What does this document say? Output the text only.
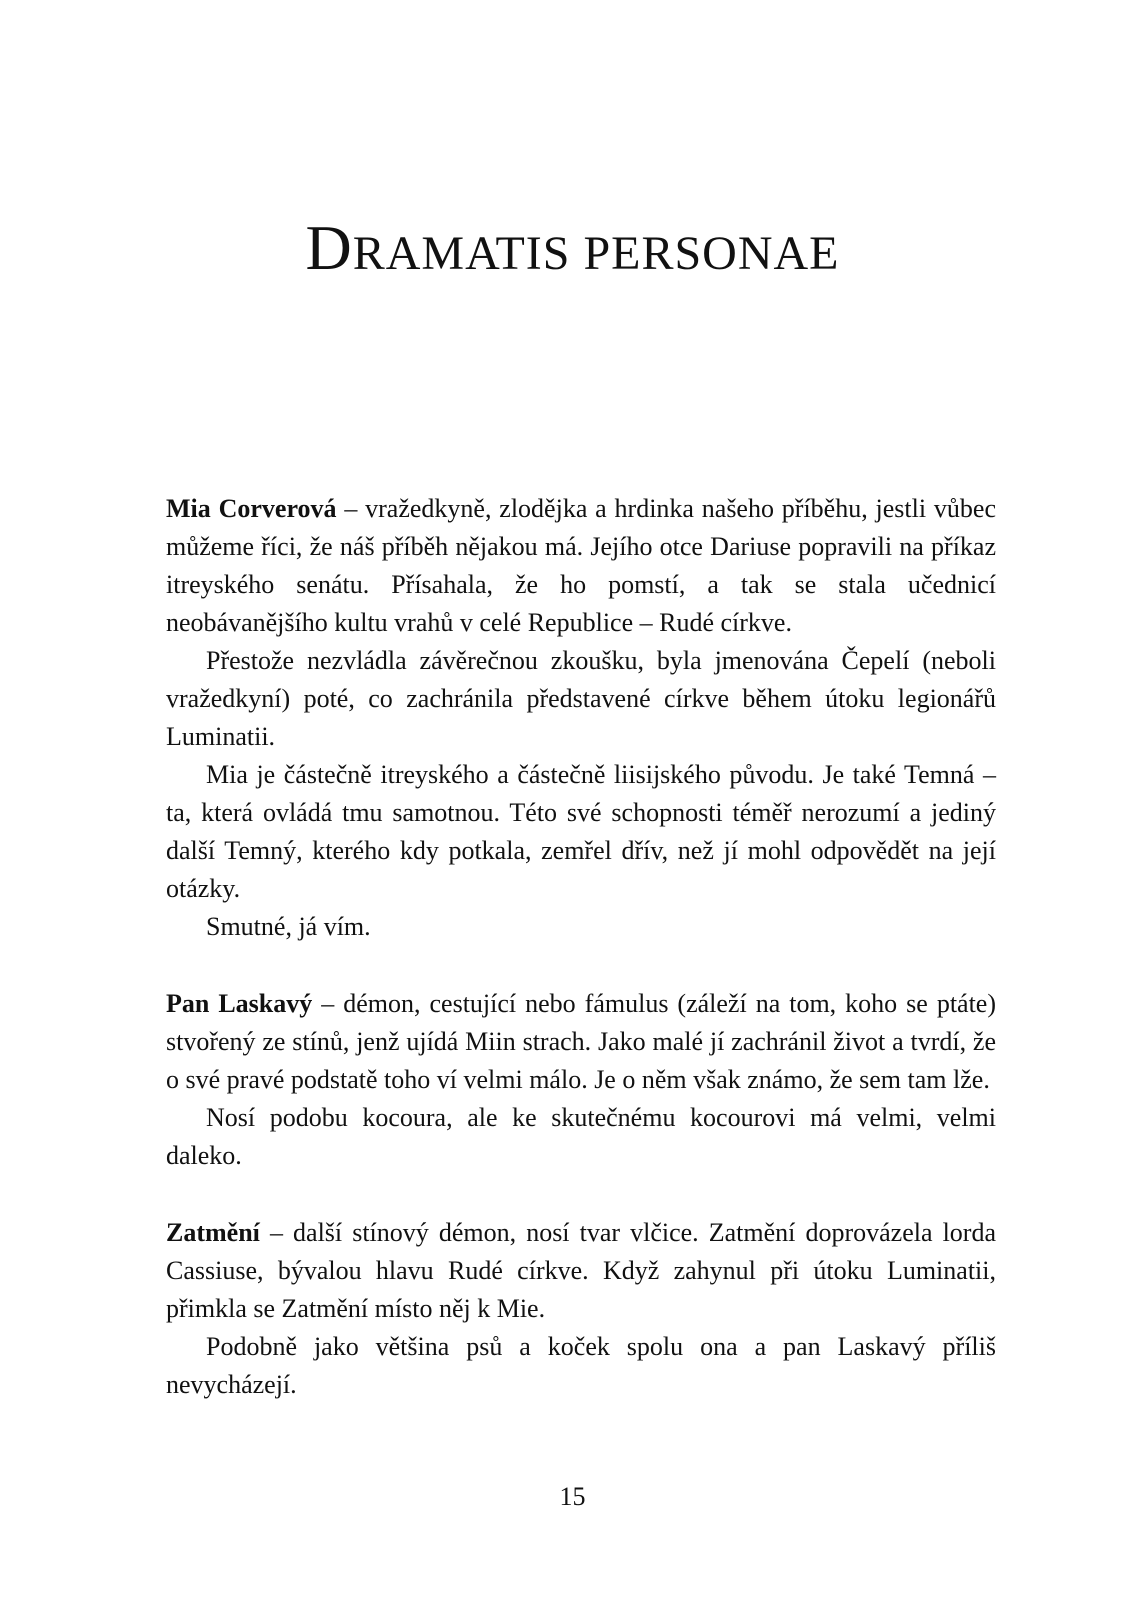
DRAMATIS PERSONAE

Mia Corverová – vražedkyně, zlodějka a hrdinka našeho příběhu, jestli vůbec můžeme říci, že náš příběh nějakou má. Jejího otce Dariuse popravili na příkaz itreyského senátu. Přísahala, že ho pomstí, a tak se stala učednicí neobávanějšího kultu vrahů v celé Republice – Rudé církve.

Přestože nezvládla závěrečnou zkoušku, byla jmenována Čepelí (neboli vražedkyní) poté, co zachránila představené církve během útoku legionářů Luminatii.

Mia je částečně itreyského a částečně liisijského původu. Je také Temná – ta, která ovládá tmu samotnou. Této své schopnosti téměř nerozumí a jediný další Temný, kterého kdy potkala, zemřel dřív, než jí mohl odpovědět na její otázky.

Smutné, já vím.

Pan Laskavý – démon, cestující nebo fámulus (záleží na tom, koho se ptáte) stvořený ze stínů, jenž ujídá Miin strach. Jako malé jí zachránil život a tvrdí, že o své pravé podstatě toho ví velmi málo. Je o něm však známo, že sem tam lže.

Nosí podobu kocoura, ale ke skutečnému kocourovi má velmi, velmi daleko.

Zatmění – další stínový démon, nosí tvar vlčice. Zatmění doprovázela lorda Cassiuse, bývalou hlavu Rudé církve. Když zahynul při útoku Luminatii, přimkla se Zatmění místo něj k Mie.

Podobně jako většina psů a koček spolu ona a pan Laskavý příliš nevycházejí.

15
